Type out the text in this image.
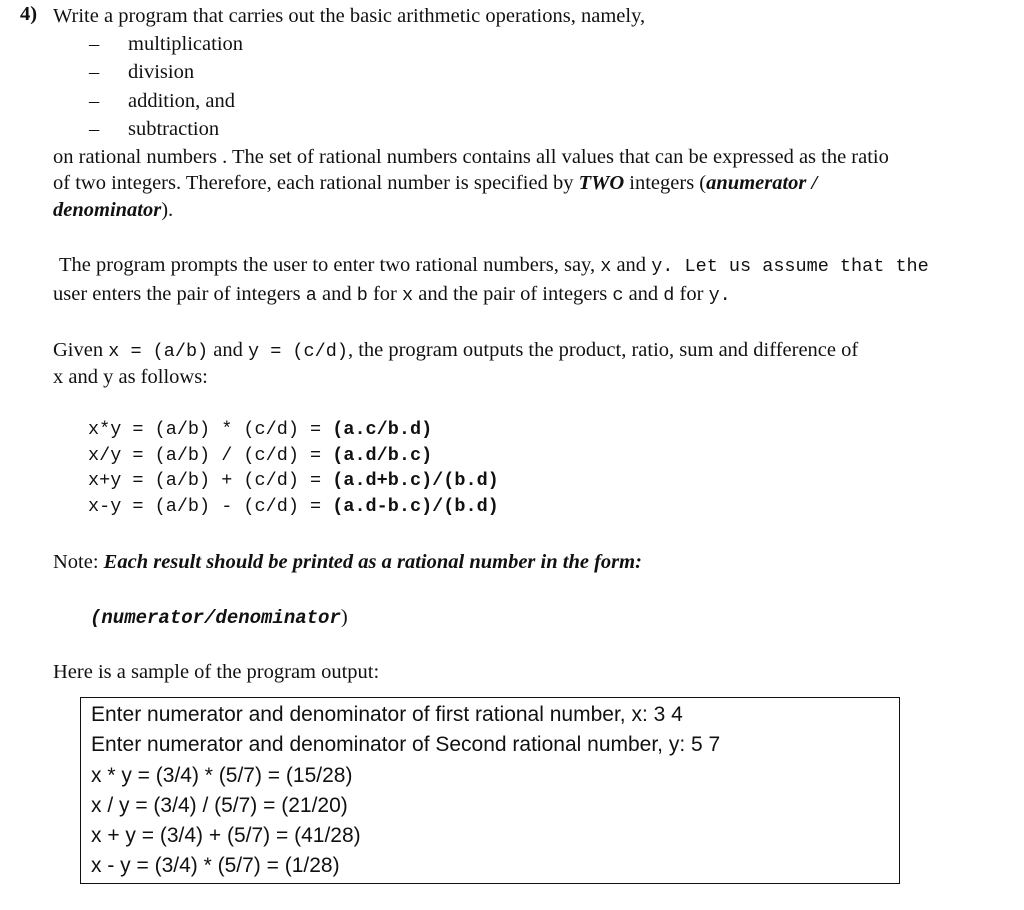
4) Write a program that carries out the basic arithmetic operations, namely,
– multiplication
– division
– addition, and
– subtraction
on rational numbers . The set of rational numbers contains all values that can be expressed as the ratio
of two integers. Therefore, each rational number is specified by TWO integers (anumerator /
denominator).
The program prompts the user to enter two rational numbers, say, x and y. Let us assume that the
user enters the pair of integers a and b for x and the pair of integers c and d for y.
Given x = (a/b) and y = (c/d), the program outputs the product, ratio, sum and difference of
x and y as follows:
x*y = (a/b) * (c/d) = (a.c/b.d)
x/y = (a/b) / (c/d) = (a.d/b.c)
x+y = (a/b) + (c/d) = (a.d+b.c)/(b.d)
x-y = (a/b) - (c/d) = (a.d-b.c)/(b.d)
Note: Each result should be printed as a rational number in the form:
(numerator/denominator)
Here is a sample of the program output:
Enter numerator and denominator of first rational number, x: 3 4
Enter numerator and denominator of Second rational number, y: 5 7
x * y = (3/4) * (5/7) = (15/28)
x / y = (3/4) / (5/7) = (21/20)
x + y = (3/4) + (5/7) = (41/28)
x - y = (3/4) * (5/7) = (1/28)
